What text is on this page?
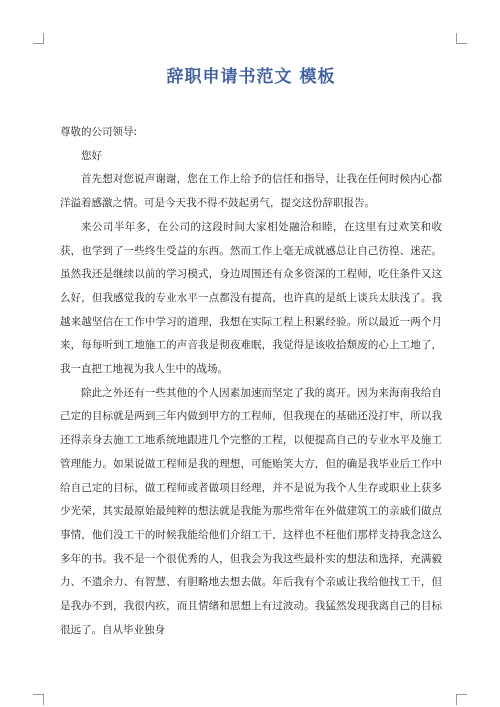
辞职申请书范文 模板

尊敬的公司领导:

您好

首先想对您说声谢谢，您在工作上给予的信任和指导，让我在任何时候内心都洋溢着感激之情。可是今天我不得不鼓起勇气，提交这份辞职报告。

来公司半年多，在公司的这段时间大家相处融洽和睦，在这里有过欢笑和收获，也学到了一些终生受益的东西。然而工作上毫无成就感总让自己彷徨、迷茫。虽然我还是继续以前的学习模式，身边周围还有众多资深的工程师，吃住条件又这么好，但我感觉我的专业水平一点都没有提高，也许真的是纸上谈兵太肤浅了。我越来越坚信在工作中学习的道理，我想在实际工程上积累经验。所以最近一两个月来，每每听到工地施工的声音我是彻夜难眠，我觉得是该收拾颓废的心上工地了，我一直把工地视为我人生中的战场。

除此之外还有一些其他的个人因素加速而坚定了我的离开。因为来海南我给自己定的目标就是两到三年内做到甲方的工程师，但我现在的基础还没打牢，所以我还得亲身去施工工地系统地跟进几个完整的工程，以便提高自己的专业水平及施工管理能力。如果说做工程师是我的理想，可能贻笑大方，但的确是我毕业后工作中给自己定的目标，做工程师或者做项目经理，并不是说为我个人生存或职业上获多少光荣，其实最原始最纯粹的想法就是我能为那些常年在外做建筑工的亲戚们做点事情，他们没工干的时候我能给他们介绍工干，这样也不枉他们那样支持我念这么多年的书。我不是一个很优秀的人，但我会为我这些最朴实的想法和选择，充满毅力、不遗余力、有智慧、有胆略地去想去做。年后我有个亲戚让我给他找工干，但是我办不到，我很内疚，而且情绪和思想上有过波动。我猛然发现我离自己的目标很远了。自从毕业独身
